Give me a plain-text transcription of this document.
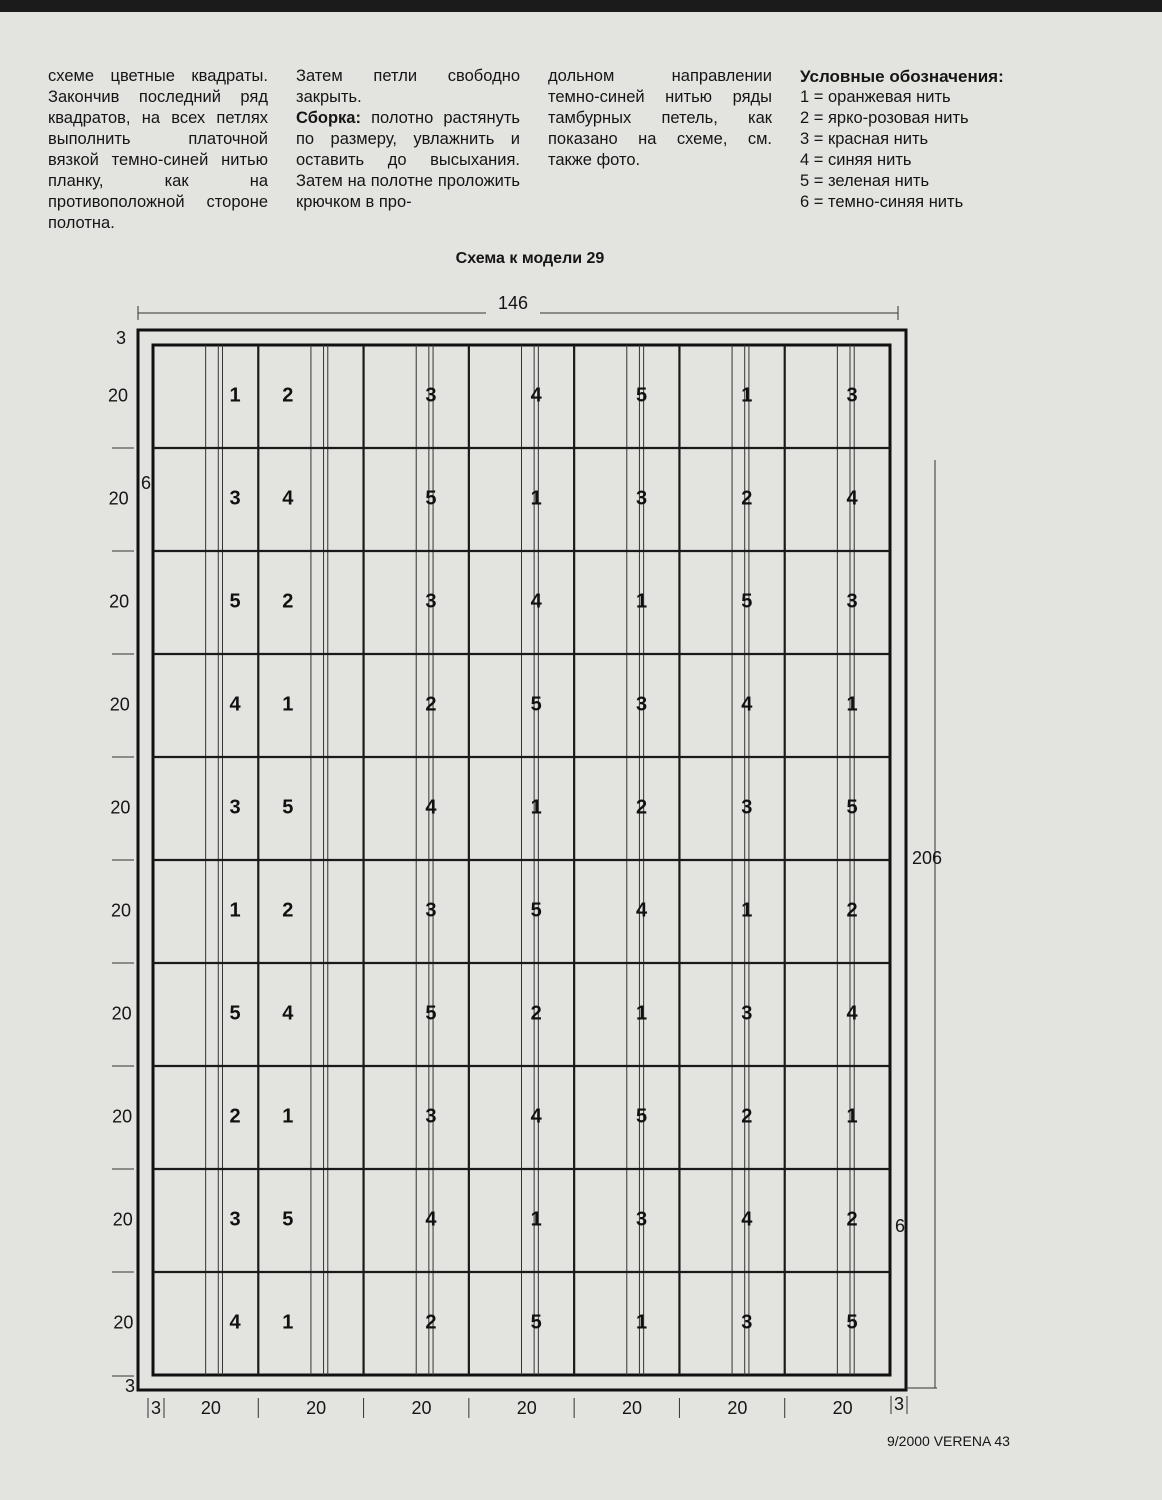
схеме цветные квадраты. Закончив последний ряд квадратов, на всех петлях выполнить платочной вязкой темно-синей нитью планку, как на противоположной стороне полотна.

Затем петли свободно закрыть.

Сборка: полотно растянуть по размеру, увлажнить и оставить до высыхания. Затем на полотне проложить крючком в про-

дольном направлении темно-синей нитью ряды тамбурных петель, как показано на схеме, см. также фото.

Условные обозначения:
1 = оранжевая нить
2 = ярко-розовая нить
3 = красная нить
4 = синяя нить
5 = зеленая нить
6 = темно-синяя нить
Схема к модели 29
1 2	3	4	5	1	3
3 4	5	1	3	2	4
5 2	3	4	1	5	3
4 1	2	5	3	4	1
3 5	4	1	2	3	5
1 2	3	5	4	1	2
5 4	5	2	1	3	4
2 1	3	4	5	2	1
3 5	4	1	3	4	2
4 1	2	5	1	3	5
146
206
3
20
20
20
20
20
20
20
20
20
20
3
6
6
3 20	20	20	20	20	20	20 3
9/2000 VERENA 43
